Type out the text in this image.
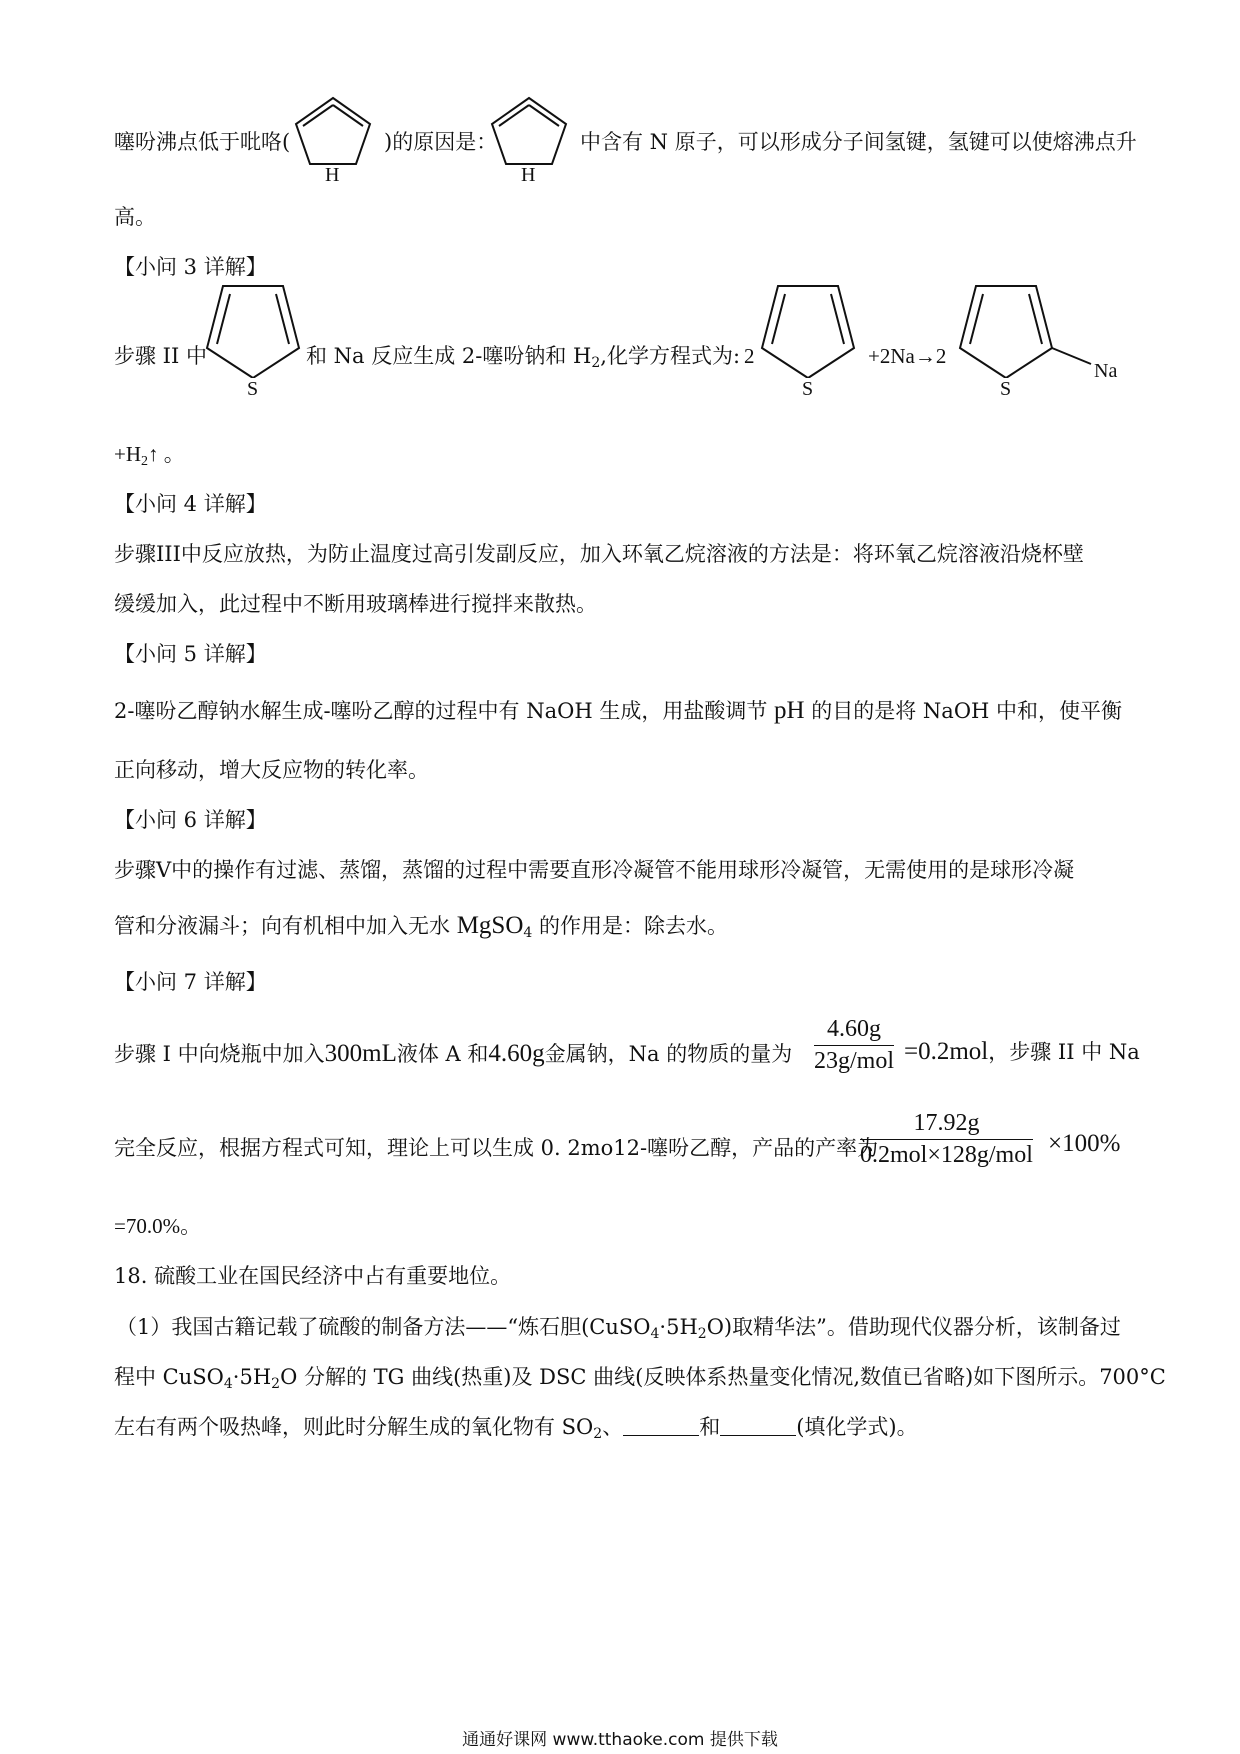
噻吩沸点低于吡咯(
H
)的原因是：
H
中含有 N 原子，可以形成分子间氢键，氢键可以使熔沸点升
高。
【小问 3 详解】
步骤 II 中
S
和 Na 反应生成 2-噻吩钠和 $H_2$,化学方程式为: 2
S
+2Na→2
S
Na
$+H_2↑$ 。
【小问 4 详解】
步骤III中反应放热，为防止温度过高引发副反应，加入环氧乙烷溶液的方法是：将环氧乙烷溶液沿烧杯壁
缓缓加入，此过程中不断用玻璃棒进行搅拌来散热。
【小问 5 详解】
2-噻吩乙醇钠水解生成-噻吩乙醇的过程中有 NaOH 生成，用盐酸调节 pH 的目的是将 NaOH 中和，使平衡
正向移动，增大反应物的转化率。
【小问 6 详解】
步骤V中的操作有过滤、蒸馏，蒸馏的过程中需要直形冷凝管不能用球形冷凝管，无需使用的是球形冷凝
管和分液漏斗；向有机相中加入无水 MgSO$_4$ 的作用是：除去水。
【小问 7 详解】
步骤 I 中向烧瓶中加入300mL液体 A 和4.60g金属钠，Na 的物质的量为
4.60g
23g/mol =0.2mol，步骤 II 中 Na
完全反应，根据方程式可知，理论上可以生成 0. 2mo12-噻吩乙醇，产品的产率为
17.92g
0.2mol×128g/mol ×100%
=70.0%。
18. 硫酸工业在国民经济中占有重要地位。
（1）我国古籍记载了硫酸的制备方法——“炼石胆$(CuSO_4\cdot 5H_2O)$取精华法”。借助现代仪器分析，该制备过
程中 $CuSO_4\cdot 5H_2O$ 分解的 TG 曲线(热重)及 DSC 曲线(反映体系热量变化情况,数值已省略)如下图所示。700°C
左右有两个吸热峰，则此时分解生成的氧化物有 $SO_2$、	和	(填化学式)。
通通好课网 www.tthaoke.com 提供下载
